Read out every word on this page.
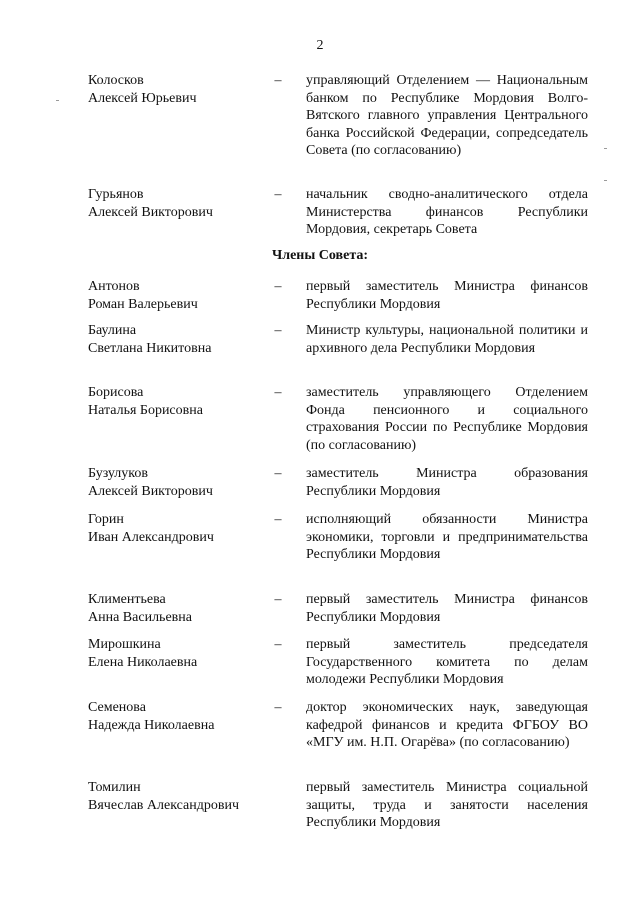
2
Колосков
Алексей Юрьевич
–	управляющий Отделением — Национальным банком по Республике Мордовия Волго-Вятского главного управления Центрального банка Российской Федерации, сопредседатель Совета (по согласованию)
Гурьянов
Алексей Викторович
–	начальник сводно-аналитического отдела Министерства финансов Республики Мордовия, секретарь Совета
Члены Совета:
Антонов
Роман Валерьевич
–	первый заместитель Министра финансов Республики Мордовия
Баулина
Светлана Никитовна
–	Министр культуры, национальной политики и архивного дела Республики Мордовия
Борисова
Наталья Борисовна
–	заместитель управляющего Отделением Фонда пенсионного и социального страхования России по Республике Мордовия (по согласованию)
Бузулуков
Алексей Викторович
–	заместитель Министра образования Республики Мордовия
Горин
Иван Александрович
–	исполняющий обязанности Министра экономики, торговли и предпринимательства Республики Мордовия
Климентьева
Анна Васильевна
–	первый заместитель Министра финансов Республики Мордовия
Мирошкина
Елена Николаевна
–	первый заместитель председателя Государственного комитета по делам молодежи Республики Мордовия
Семенова
Надежда Николаевна
–	доктор экономических наук, заведующая кафедрой финансов и кредита ФГБОУ ВО «МГУ им. Н.П. Огарёва» (по согласованию)
Томилин
Вячеслав Александрович
первый заместитель Министра социальной защиты, труда и занятости населения Республики Мордовия
